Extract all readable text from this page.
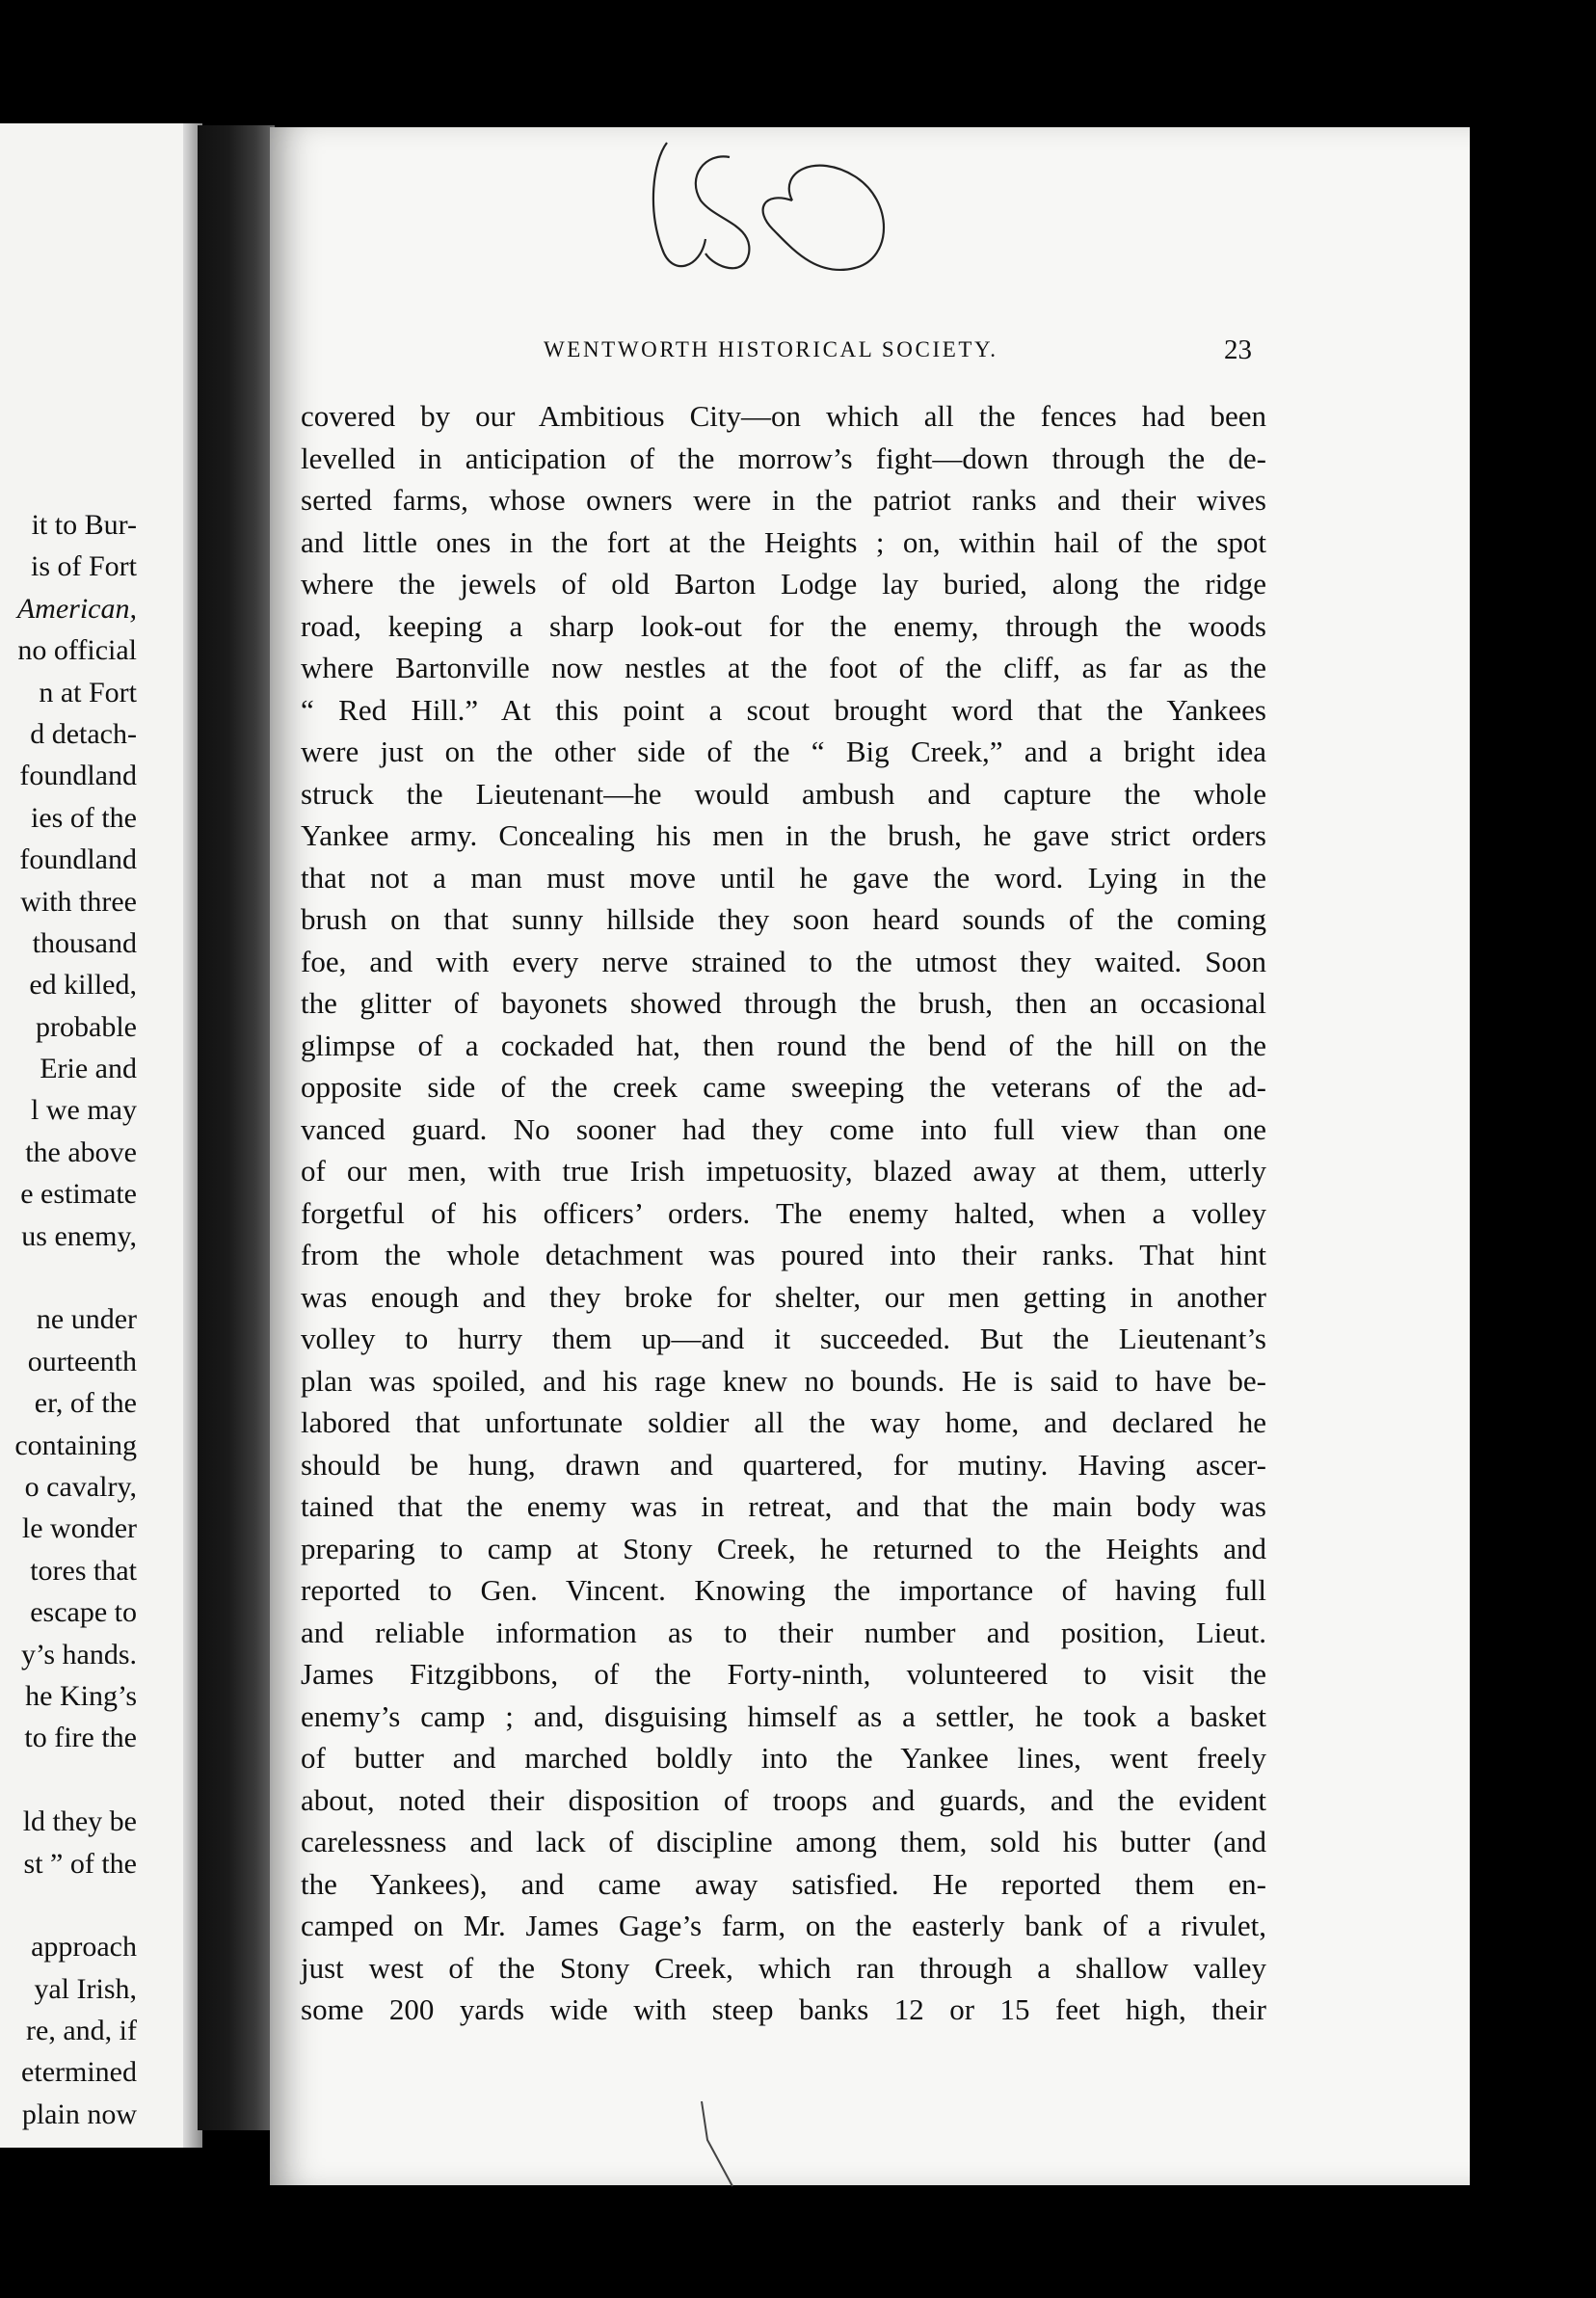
it to Bur-
is of Fort
American,
no official
n at Fort
d detach-
foundland
ies of the
foundland
with three
thousand
ed killed,
probable
Erie and
l we may
the above
e estimate
us enemy,
ne under
ourteenth
er, of the
containing
o cavalry,
le wonder
tores that
escape to
y’s hands.
he King’s
to fire the
ld they be
st ” of the
approach
yal Irish,
re, and, if
etermined
plain now
WENTWORTH HISTORICAL SOCIETY.	23
covered by our Ambitious City—on which all the fences had been
levelled in anticipation of the morrow’s fight—down through the de-
serted farms, whose owners were in the patriot ranks and their wives
and little ones in the fort at the Heights ; on, within hail of the spot
where the jewels of old Barton Lodge lay buried, along the ridge
road, keeping a sharp look-out for the enemy, through the woods
where Bartonville now nestles at the foot of the cliff, as far as the
“ Red Hill.” At this point a scout brought word that the Yankees
were just on the other side of the “ Big Creek,” and a bright idea
struck the Lieutenant—he would ambush and capture the whole
Yankee army. Concealing his men in the brush, he gave strict orders
that not a man must move until he gave the word. Lying in the
brush on that sunny hillside they soon heard sounds of the coming
foe, and with every nerve strained to the utmost they waited. Soon
the glitter of bayonets showed through the brush, then an occasional
glimpse of a cockaded hat, then round the bend of the hill on the
opposite side of the creek came sweeping the veterans of the ad-
vanced guard. No sooner had they come into full view than one
of our men, with true Irish impetuosity, blazed away at them, utterly
forgetful of his officers’ orders. The enemy halted, when a volley
from the whole detachment was poured into their ranks. That hint
was enough and they broke for shelter, our men getting in another
volley to hurry them up—and it succeeded. But the Lieutenant’s
plan was spoiled, and his rage knew no bounds. He is said to have be-
labored that unfortunate soldier all the way home, and declared he
should be hung, drawn and quartered, for mutiny. Having ascer-
tained that the enemy was in retreat, and that the main body was
preparing to camp at Stony Creek, he returned to the Heights and
reported to Gen. Vincent. Knowing the importance of having full
and reliable information as to their number and position, Lieut.
James Fitzgibbons, of the Forty-ninth, volunteered to visit the
enemy’s camp ; and, disguising himself as a settler, he took a basket
of butter and marched boldly into the Yankee lines, went freely
about, noted their disposition of troops and guards, and the evident
carelessness and lack of discipline among them, sold his butter (and
the Yankees), and came away satisfied. He reported them en-
camped on Mr. James Gage’s farm, on the easterly bank of a rivulet,
just west of the Stony Creek, which ran through a shallow valley
some 200 yards wide with steep banks 12 or 15 feet high, their
